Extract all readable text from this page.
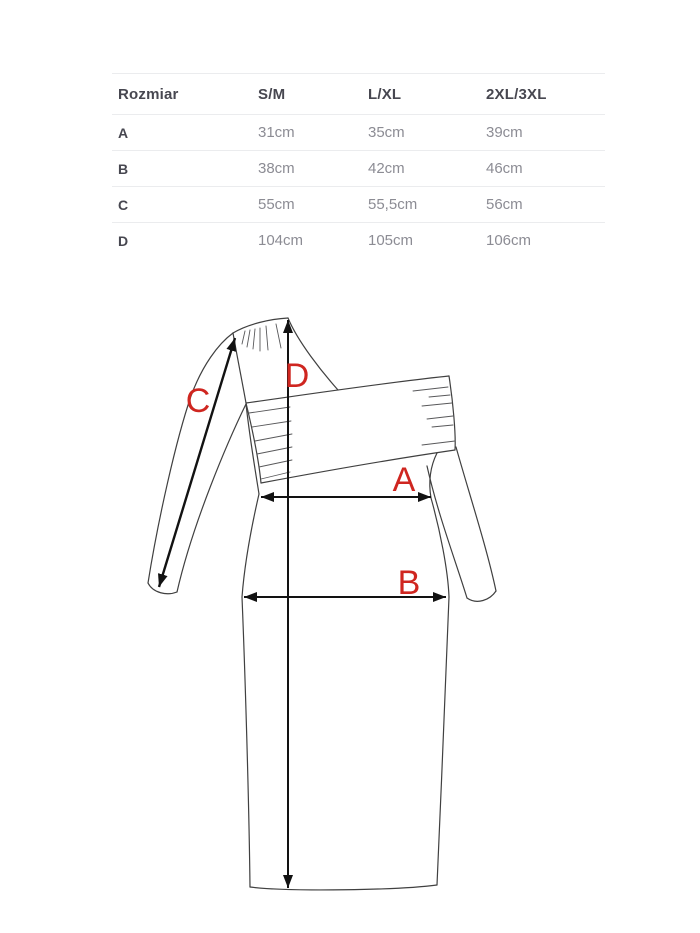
Rozmiar	S/M	L/XL	2XL/3XL
A	31cm	35cm	39cm
B	38cm	42cm	46cm
C	55cm	55,5cm	56cm
D	104cm	105cm	106cm
C
D
A
B
